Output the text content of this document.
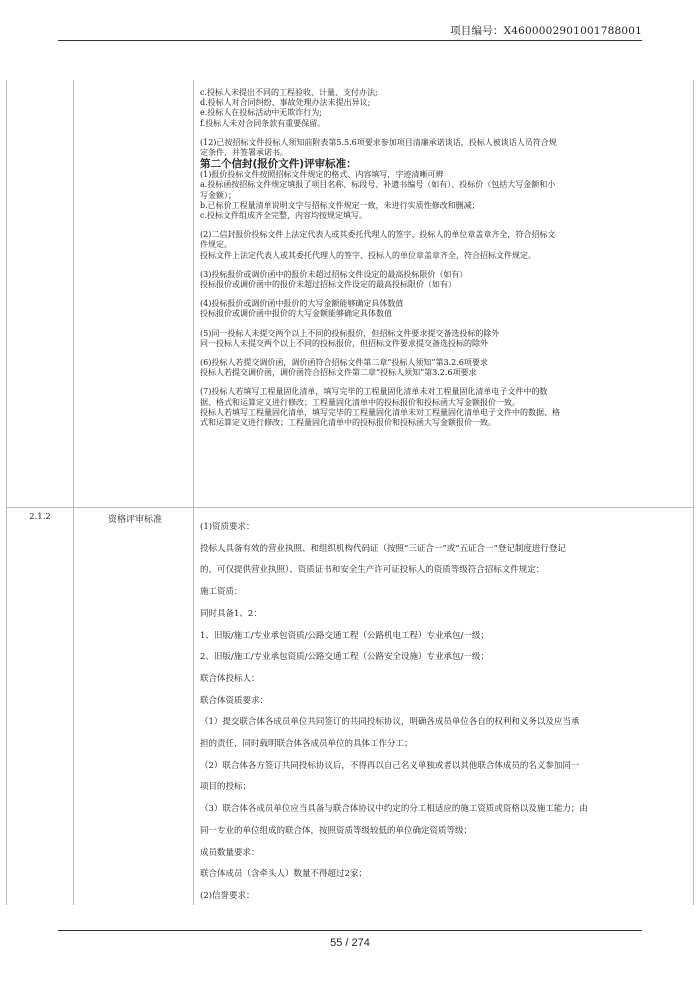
项目编号：X4600002901001788001

c.投标人未提出不同的工程验收、计量、支付办法;

d.投标人对合同纠纷、事故处理办法未提出异议;

e.投标人在投标活动中无欺诈行为;

f.投标人未对合同条款有重要保留。

(12)已按招标文件投标人须知前附表第5.5.6项要求参加项目清廉承诺谈话，投标人被谈话人员符合规

定条件，并签署承诺书。

第二个信封(报价文件)评审标准：

(1)报价投标文件按照招标文件规定的格式、内容填写，字迹清晰可辨

a.投标函按招标文件规定填报了项目名称、标段号、补遗书编号（如有）、投标价（包括大写金额和小

写金额）；

b.已标价工程量清单说明文字与招标文件规定一致，未进行实质性修改和删减；

c.投标文件组成齐全完整，内容均按规定填写。

(2)二信封报价投标文件上法定代表人或其委托代理人的签字、投标人的单位章盖章齐全，符合招标文

件规定。

投标文件上法定代表人或其委托代理人的签字、投标人的单位章盖章齐全，符合招标文件规定。

(3)投标报价或调价函中的报价未超过招标文件设定的最高投标限价（如有）

投标报价或调价函中的报价未超过招标文件设定的最高投标限价（如有）

(4)投标报价或调价函中报价的大写金额能够确定具体数值

投标报价或调价函中报价的大写金额能够确定具体数值

(5)同一投标人未提交两个以上不同的投标报价，但招标文件要求提交备选投标的除外

同一投标人未提交两个以上不同的投标报价，但招标文件要求提交备选投标的除外

(6)投标人若提交调价函，调价函符合招标文件第二章“投标人须知”第3.2.6项要求

投标人若提交调价函，调价函符合招标文件第二章“投标人须知”第3.2.6项要求

(7)投标人若填写工程量固化清单，填写完毕的工程量固化清单未对工程量固化清单电子文件中的数

据、格式和运算定义进行修改；工程量固化清单中的投标报价和投标函大写金额报价一致。

投标人若填写工程量固化清单，填写完毕的工程量固化清单未对工程量固化清单电子文件中的数据、格

式和运算定义进行修改；工程量固化清单中的投标报价和投标函大写金额报价一致。

2.1.2	资格评审标准

(1)资质要求：

投标人具备有效的营业执照、和组织机构代码证（按照“三证合一”或“五证合一”登记制度进行登记

的，可仅提供营业执照）、资质证书和安全生产许可证投标人的资质等级符合招标文件规定：

施工资质：

同时具备1、2：

1、旧版/施工/专业承包资质/公路交通工程（公路机电工程）专业承包/一级；

2、旧版/施工/专业承包资质/公路交通工程（公路安全设施）专业承包/一级；

联合体投标人：

联合体资质要求：

（1）提交联合体各成员单位共同签订的共同投标协议，明确各成员单位各自的权利和义务以及应当承

担的责任，同时载明联合体各成员单位的具体工作分工；

（2）联合体各方签订共同投标协议后，不得再以自己名义单独或者以其他联合体成员的名义参加同一

项目的投标；

（3）联合体各成员单位应当具备与联合体协议中约定的分工相适应的施工资质或资格以及施工能力；由

同一专业的单位组成的联合体，按照资质等级较低的单位确定资质等级；

成员数量要求：

联合体成员（含牵头人）数量不得超过2家；

(2)信誉要求：

55 / 274
